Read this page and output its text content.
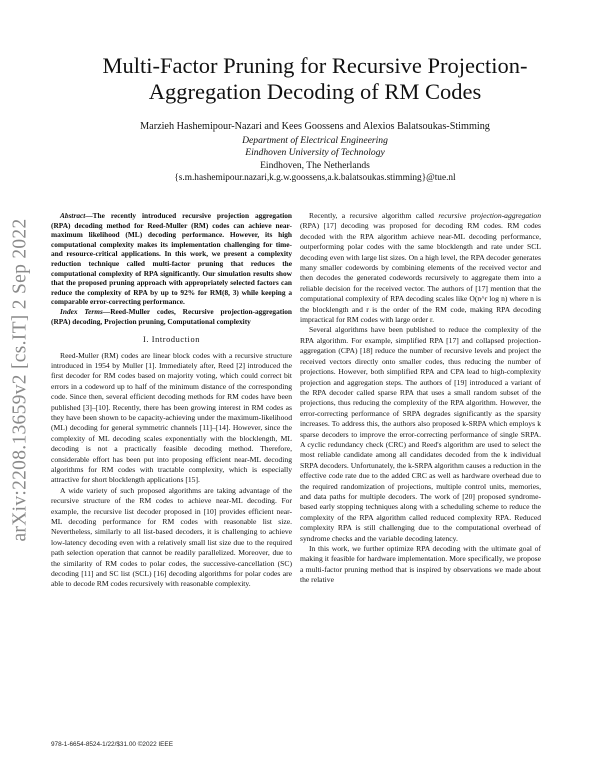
arXiv:2208.13659v2 [cs.IT] 2 Sep 2022
Multi-Factor Pruning for Recursive Projection-Aggregation Decoding of RM Codes
Marzieh Hashemipour-Nazari and Kees Goossens and Alexios Balatsoukas-Stimming
Department of Electrical Engineering
Eindhoven University of Technology
Eindhoven, The Netherlands
{s.m.hashemipour.nazari,k.g.w.goossens,a.k.balatsoukas.stimming}@tue.nl

Abstract—The recently introduced recursive projection aggregation (RPA) decoding method for Reed-Muller (RM) codes can achieve near-maximum likelihood (ML) decoding performance. However, its high computational complexity makes its implementation challenging for time- and resource-critical applications. In this work, we present a complexity reduction technique called multi-factor pruning that reduces the computational complexity of RPA significantly. Our simulation results show that the proposed pruning approach with appropriately selected factors can reduce the complexity of RPA by up to 92% for RM(8, 3) while keeping a comparable error-correcting performance.

Index Terms—Reed-Muller codes, Recursive projection-aggregation (RPA) decoding, Projection pruning, Computational complexity

I. Introduction

Reed-Muller (RM) codes are linear block codes with a recursive structure introduced in 1954 by Muller [1]. Immediately after, Reed [2] introduced the first decoder for RM codes based on majority voting, which could correct bit errors in a codeword up to half of the minimum distance of the corresponding code. Since then, several efficient decoding methods for RM codes have been published [3]–[10]. Recently, there has been growing interest in RM codes as they have been shown to be capacity-achieving under the maximum-likelihood (ML) decoding for general symmetric channels [11]–[14]. However, since the complexity of ML decoding scales exponentially with the blocklength, ML decoding is not a practically feasible decoding method. Therefore, considerable effort has been put into proposing efficient near-ML decoding algorithms for RM codes with tractable complexity, which is especially attractive for short blocklength applications [15].

A wide variety of such proposed algorithms are taking advantage of the recursive structure of the RM codes to achieve near-ML decoding. For example, the recursive list decoder proposed in [10] provides efficient near-ML decoding performance for RM codes with reasonable list size. Nevertheless, similarly to all list-based decoders, it is challenging to achieve low-latency decoding even with a relatively small list size due to the required path selection operation that cannot be readily parallelized. Moreover, due to the similarity of RM codes to polar codes, the successive-cancellation (SC) decoding [11] and SC list (SCL) [16] decoding algorithms for polar codes are able to decode RM codes recursively with reasonable complexity.

Recently, a recursive algorithm called recursive projection-aggregation (RPA) [17] decoding was proposed for decoding RM codes. RM codes decoded with the RPA algorithm achieve near-ML decoding performance, outperforming polar codes with the same blocklength and rate under SCL decoding even with large list sizes. On a high level, the RPA decoder generates many smaller codewords by combining elements of the received vector and then decodes the generated codewords recursively to aggregate them into a reliable decision for the received vector. The authors of [17] mention that the computational complexity of RPA decoding scales like O(n^r log n) where n is the blocklength and r is the order of the RM code, making RPA decoding impractical for RM codes with large order r.

Several algorithms have been published to reduce the complexity of the RPA algorithm. For example, simplified RPA [17] and collapsed projection-aggregation (CPA) [18] reduce the number of recursive levels and project the received vectors directly onto smaller codes, thus reducing the number of projections. However, both simplified RPA and CPA lead to high-complexity projection and aggregation steps. The authors of [19] introduced a variant of the RPA decoder called sparse RPA that uses a small random subset of the projections, thus reducing the complexity of the RPA algorithm. However, the error-correcting performance of SRPA degrades significantly as the sparsity increases. To address this, the authors also proposed k-SRPA which employs k sparse decoders to improve the error-correcting performance of single SRPA. A cyclic redundancy check (CRC) and Reed's algorithm are used to select the most reliable candidate among all candidates decoded from the k individual SRPA decoders. Unfortunately, the k-SRPA algorithm causes a reduction in the effective code rate due to the added CRC as well as hardware overhead due to the required randomization of projections, multiple control units, memories, and data paths for multiple decoders. The work of [20] proposed syndrome-based early stopping techniques along with a scheduling scheme to reduce the complexity of the RPA algorithm called reduced complexity RPA. Reduced complexity RPA is still challenging due to the computational overhead of syndrome checks and the variable decoding latency.

In this work, we further optimize RPA decoding with the ultimate goal of making it feasible for hardware implementation. More specifically, we propose a multi-factor pruning method that is inspired by observations we made about the relative

978-1-6654-8524-1/22/$31.00 ©2022 IEEE
